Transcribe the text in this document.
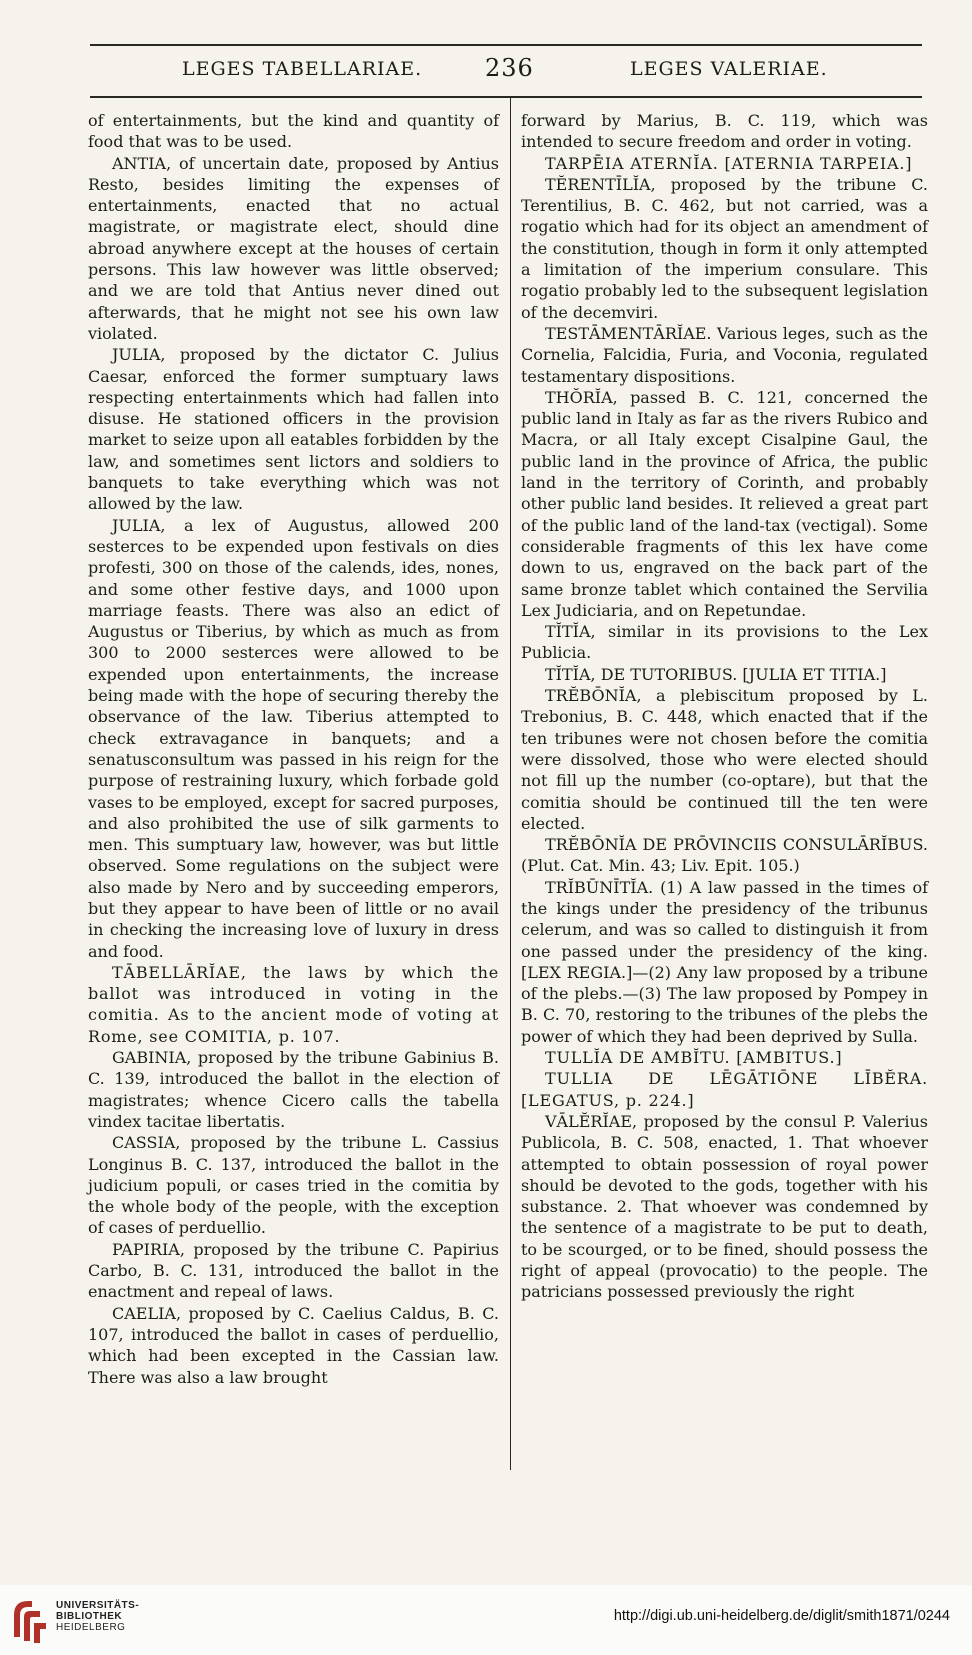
LEGES TABELLARIAE.	236	LEGES VALERIAE.

of entertainments, but the kind and quantity of food that was to be used.

ANTIA, of uncertain date, proposed by Antius Resto, besides limiting the expenses of entertainments, enacted that no actual magistrate, or magistrate elect, should dine abroad anywhere except at the houses of certain persons. This law however was little observed; and we are told that Antius never dined out afterwards, that he might not see his own law violated.

JULIA, proposed by the dictator C. Julius Caesar, enforced the former sumptuary laws respecting entertainments which had fallen into disuse. He stationed officers in the provision market to seize upon all eatables forbidden by the law, and sometimes sent lictors and soldiers to banquets to take everything which was not allowed by the law.

JULIA, a lex of Augustus, allowed 200 sesterces to be expended upon festivals on dies profesti, 300 on those of the calends, ides, nones, and some other festive days, and 1000 upon marriage feasts. There was also an edict of Augustus or Tiberius, by which as much as from 300 to 2000 sesterces were allowed to be expended upon entertainments, the increase being made with the hope of securing thereby the observance of the law. Tiberius attempted to check extravagance in banquets; and a senatusconsultum was passed in his reign for the purpose of restraining luxury, which forbade gold vases to be employed, except for sacred purposes, and also prohibited the use of silk garments to men. This sumptuary law, however, was but little observed. Some regulations on the subject were also made by Nero and by succeeding emperors, but they appear to have been of little or no avail in checking the increasing love of luxury in dress and food.

TĀBELLĀRĬAE, the laws by which the ballot was introduced in voting in the comitia. As to the ancient mode of voting at Rome, see COMITIA, p. 107.

GABINIA, proposed by the tribune Gabinius B. C. 139, introduced the ballot in the election of magistrates; whence Cicero calls the tabella vindex tacitae libertatis.

CASSIA, proposed by the tribune L. Cassius Longinus B. C. 137, introduced the ballot in the judicium populi, or cases tried in the comitia by the whole body of the people, with the exception of cases of perduellio.

PAPIRIA, proposed by the tribune C. Papirius Carbo, B. C. 131, introduced the ballot in the enactment and repeal of laws.

CAELIA, proposed by C. Caelius Caldus, B. C. 107, introduced the ballot in cases of perduellio, which had been excepted in the Cassian law. There was also a law brought

forward by Marius, B. C. 119, which was intended to secure freedom and order in voting.

TARPĒIA ATERNĬA. [ATERNIA TARPEIA.]

TĔRENTĪLĬA, proposed by the tribune C. Terentilius, B. C. 462, but not carried, was a rogatio which had for its object an amendment of the constitution, though in form it only attempted a limitation of the imperium consulare. This rogatio probably led to the subsequent legislation of the decemviri.

TESTĀMENTĀRĬAE. Various leges, such as the Cornelia, Falcidia, Furia, and Voconia, regulated testamentary dispositions.

THŎRĬA, passed B. C. 121, concerned the public land in Italy as far as the rivers Rubico and Macra, or all Italy except Cisalpine Gaul, the public land in the province of Africa, the public land in the territory of Corinth, and probably other public land besides. It relieved a great part of the public land of the land-tax (vectigal). Some considerable fragments of this lex have come down to us, engraved on the back part of the same bronze tablet which contained the Servilia Lex Judiciaria, and on Repetundae.

TĬTĬA, similar in its provisions to the Lex Publicia.

TĬTĬA, DE TUTORIBUS. [JULIA ET TITIA.]

TRĔBŌNĬA, a plebiscitum proposed by L. Trebonius, B. C. 448, which enacted that if the ten tribunes were not chosen before the comitia were dissolved, those who were elected should not fill up the number (co-optare), but that the comitia should be continued till the ten were elected.

TRĔBŌNĬA DE PRŌVINCIIS CONSULĀRĬBUS. (Plut. Cat. Min. 43; Liv. Epit. 105.)

TRĬBŪNĪTĬA. (1) A law passed in the times of the kings under the presidency of the tribunus celerum, and was so called to distinguish it from one passed under the presidency of the king. [LEX REGIA.]—(2) Any law proposed by a tribune of the plebs.—(3) The law proposed by Pompey in B. C. 70, restoring to the tribunes of the plebs the power of which they had been deprived by Sulla.

TULLĬA DE AMBĬTU. [AMBITUS.]

TULLIA DE LĒGĀTIŌNE LĪBĔRA. [LEGATUS, p. 224.]

VĀLĔRĬAE, proposed by the consul P. Valerius Publicola, B. C. 508, enacted, 1. That whoever attempted to obtain possession of royal power should be devoted to the gods, together with his substance. 2. That whoever was condemned by the sentence of a magistrate to be put to death, to be scourged, or to be fined, should possess the right of appeal (provocatio) to the people. The patricians possessed previously the right

UNIVERSITÄTS-
BIBLIOTHEK
HEIDELBERG
http://digi.ub.uni-heidelberg.de/diglit/smith1871/0244
